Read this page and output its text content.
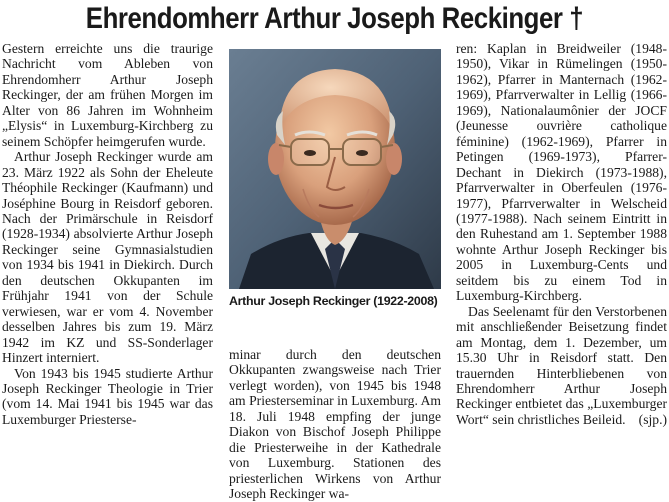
Ehrendomherr Arthur Joseph Reckinger †

Gestern erreichte uns die traurige Nachricht vom Ableben von Ehrendomherr Arthur Joseph Reckinger, der am frühen Morgen im Alter von 86 Jahren im Wohnheim „Elysis“ in Luxemburg-Kirchberg zu seinem Schöpfer heimgerufen wurde.

Arthur Joseph Reckinger wurde am 23. März 1922 als Sohn der Eheleute Théophile Reckinger (Kaufmann) und Joséphine Bourg in Reisdorf geboren. Nach der Primärschule in Reisdorf (1928-1934) absolvierte Arthur Joseph Reckinger seine Gymnasialstudien von 1934 bis 1941 in Diekirch. Durch den deutschen Okkupanten im Frühjahr 1941 von der Schule verwiesen, war er vom 4. November desselben Jahres bis zum 19. März 1942 im KZ und SS-Sonderlager Hinzert interniert.

Von 1943 bis 1945 studierte Arthur Joseph Reckinger Theologie in Trier (vom 14. Mai 1941 bis 1945 war das Luxemburger Priesterse-

Arthur Joseph Reckinger (1922-2008)

minar durch den deutschen Okkupanten zwangsweise nach Trier verlegt worden), von 1945 bis 1948 am Priesterseminar in Luxemburg. Am 18. Juli 1948 empfing der junge Diakon von Bischof Joseph Philippe die Priesterweihe in der Kathedrale von Luxemburg. Stationen des priesterlichen Wirkens von Arthur Joseph Reckinger wa-

ren: Kaplan in Breidweiler (1948-1950), Vikar in Rümelingen (1950-1962), Pfarrer in Manternach (1962-1969), Pfarrverwalter in Lellig (1966-1969), Nationalaumônier der JOCF (Jeunesse ouvrière catholique féminine) (1962-1969), Pfarrer in Petingen (1969-1973), Pfarrer-Dechant in Diekirch (1973-1988), Pfarrverwalter in Oberfeulen (1976-1977), Pfarrverwalter in Welscheid (1977-1988). Nach seinem Eintritt in den Ruhestand am 1. September 1988 wohnte Arthur Joseph Reckinger bis 2005 in Luxemburg-Cents und seitdem bis zu einem Tod in Luxemburg-Kirchberg.

Das Seelenamt für den Verstorbenen mit anschließender Beisetzung findet am Montag, dem 1. Dezember, um 15.30 Uhr in Reisdorf statt. Den trauernden Hinterbliebenen von Ehrendomherr Arthur Joseph Reckinger entbietet das „Luxemburger Wort“ sein christliches Beileid. (sjp.)
